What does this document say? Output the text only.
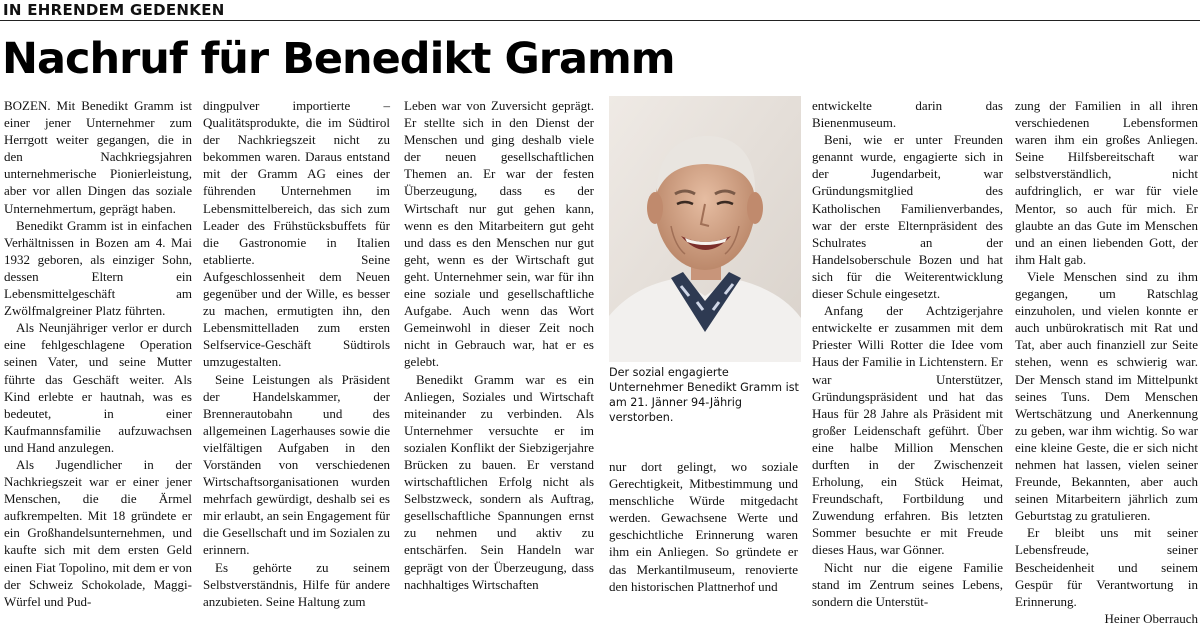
IN EHRENDEM GEDENKEN
Nachruf für Benedikt Gramm

BOZEN. Mit Benedikt Gramm ist einer jener Unternehmer zum Herrgott weiter gegangen, die in den Nachkriegsjahren unternehmerische Pionierleistung, aber vor allen Dingen das soziale Unternehmertum, geprägt haben.

Benedikt Gramm ist in einfachen Verhältnissen in Bozen am 4. Mai 1932 geboren, als einziger Sohn, dessen Eltern ein Lebensmittelgeschäft am Zwölfmalgreiner Platz führten.

Als Neunjähriger verlor er durch eine fehlgeschlagene Operation seinen Vater, und seine Mutter führte das Geschäft weiter. Als Kind erlebte er hautnah, was es bedeutet, in einer Kaufmannsfamilie aufzuwachsen und Hand anzulegen.

Als Jugendlicher in der Nachkriegszeit war er einer jener Menschen, die die Ärmel aufkrempelten. Mit 18 gründete er ein Großhandelsunternehmen, und kaufte sich mit dem ersten Geld einen Fiat Topolino, mit dem er von der Schweiz Schokolade, Maggi-Würfel und Pud-

dingpulver importierte – Qualitätsprodukte, die im Südtirol der Nachkriegszeit nicht zu bekommen waren. Daraus entstand mit der Gramm AG eines der führenden Unternehmen im Lebensmittelbereich, das sich zum Leader des Frühstücksbuffets für die Gastronomie in Italien etablierte. Seine Aufgeschlossenheit dem Neuen gegenüber und der Wille, es besser zu machen, ermutigten ihn, den Lebensmittelladen zum ersten Selfservice-Geschäft Südtirols umzugestalten.

Seine Leistungen als Präsident der Handelskammer, der Brennerautobahn und des allgemeinen Lagerhauses sowie die vielfältigen Aufgaben in den Vorständen von verschiedenen Wirtschaftsorganisationen wurden mehrfach gewürdigt, deshalb sei es mir erlaubt, an sein Engagement für die Gesellschaft und im Sozialen zu erinnern.

Es gehörte zu seinem Selbstverständnis, Hilfe für andere anzubieten. Seine Haltung zum

Leben war von Zuversicht geprägt. Er stellte sich in den Dienst der Menschen und ging deshalb viele der neuen gesellschaftlichen Themen an. Er war der festen Überzeugung, dass es der Wirtschaft nur gut gehen kann, wenn es den Mitarbeitern gut geht und dass es den Menschen nur gut geht, wenn es der Wirtschaft gut geht. Unternehmer sein, war für ihn eine soziale und gesellschaftliche Aufgabe. Auch wenn das Wort Gemeinwohl in dieser Zeit noch nicht in Gebrauch war, hat er es gelebt.

Benedikt Gramm war es ein Anliegen, Soziales und Wirtschaft miteinander zu verbinden. Als Unternehmer versuchte er im sozialen Konflikt der Siebzigerjahre Brücken zu bauen. Er verstand wirtschaftlichen Erfolg nicht als Selbstzweck, sondern als Auftrag, gesellschaftliche Spannungen ernst zu nehmen und aktiv zu entschärfen. Sein Handeln war geprägt von der Überzeugung, dass nachhaltiges Wirtschaften

Der sozial engagierte Unternehmer Benedikt Gramm ist am 21. Jänner 94-Jährig verstorben.

nur dort gelingt, wo soziale Gerechtigkeit, Mitbestimmung und menschliche Würde mitgedacht werden. Gewachsene Werte und geschichtliche Erinnerung waren ihm ein Anliegen. So gründete er das Merkantilmuseum, renovierte den historischen Plattnerhof und

entwickelte darin das Bienenmuseum.

Beni, wie er unter Freunden genannt wurde, engagierte sich in der Jugendarbeit, war Gründungsmitglied des Katholischen Familienverbandes, war der erste Elternpräsident des Schulrates an der Handelsoberschule Bozen und hat sich für die Weiterentwicklung dieser Schule eingesetzt.

Anfang der Achtzigerjahre entwickelte er zusammen mit dem Priester Willi Rotter die Idee vom Haus der Familie in Lichtenstern. Er war Unterstützer, Gründungspräsident und hat das Haus für 28 Jahre als Präsident mit großer Leidenschaft geführt. Über eine halbe Million Menschen durften in der Zwischenzeit Erholung, ein Stück Heimat, Freundschaft, Fortbildung und Zuwendung erfahren. Bis letzten Sommer besuchte er mit Freude dieses Haus, war Gönner.

Nicht nur die eigene Familie stand im Zentrum seines Lebens, sondern die Unterstüt-

zung der Familien in all ihren verschiedenen Lebensformen waren ihm ein großes Anliegen. Seine Hilfsbereitschaft war selbstverständlich, nicht aufdringlich, er war für viele Mentor, so auch für mich. Er glaubte an das Gute im Menschen und an einen liebenden Gott, der ihm Halt gab.

Viele Menschen sind zu ihm gegangen, um Ratschlag einzuholen, und vielen konnte er auch unbürokratisch mit Rat und Tat, aber auch finanziell zur Seite stehen, wenn es schwierig war. Der Mensch stand im Mittelpunkt seines Tuns. Dem Menschen Wertschätzung und Anerkennung zu geben, war ihm wichtig. So war eine kleine Geste, die er sich nicht nehmen hat lassen, vielen seiner Freunde, Bekannten, aber auch seinen Mitarbeitern jährlich zum Geburtstag zu gratulieren.

Er bleibt uns mit seiner Lebensfreude, seiner Bescheidenheit und seinem Gespür für Verantwortung in Erinnerung.

Heiner Oberrauch
